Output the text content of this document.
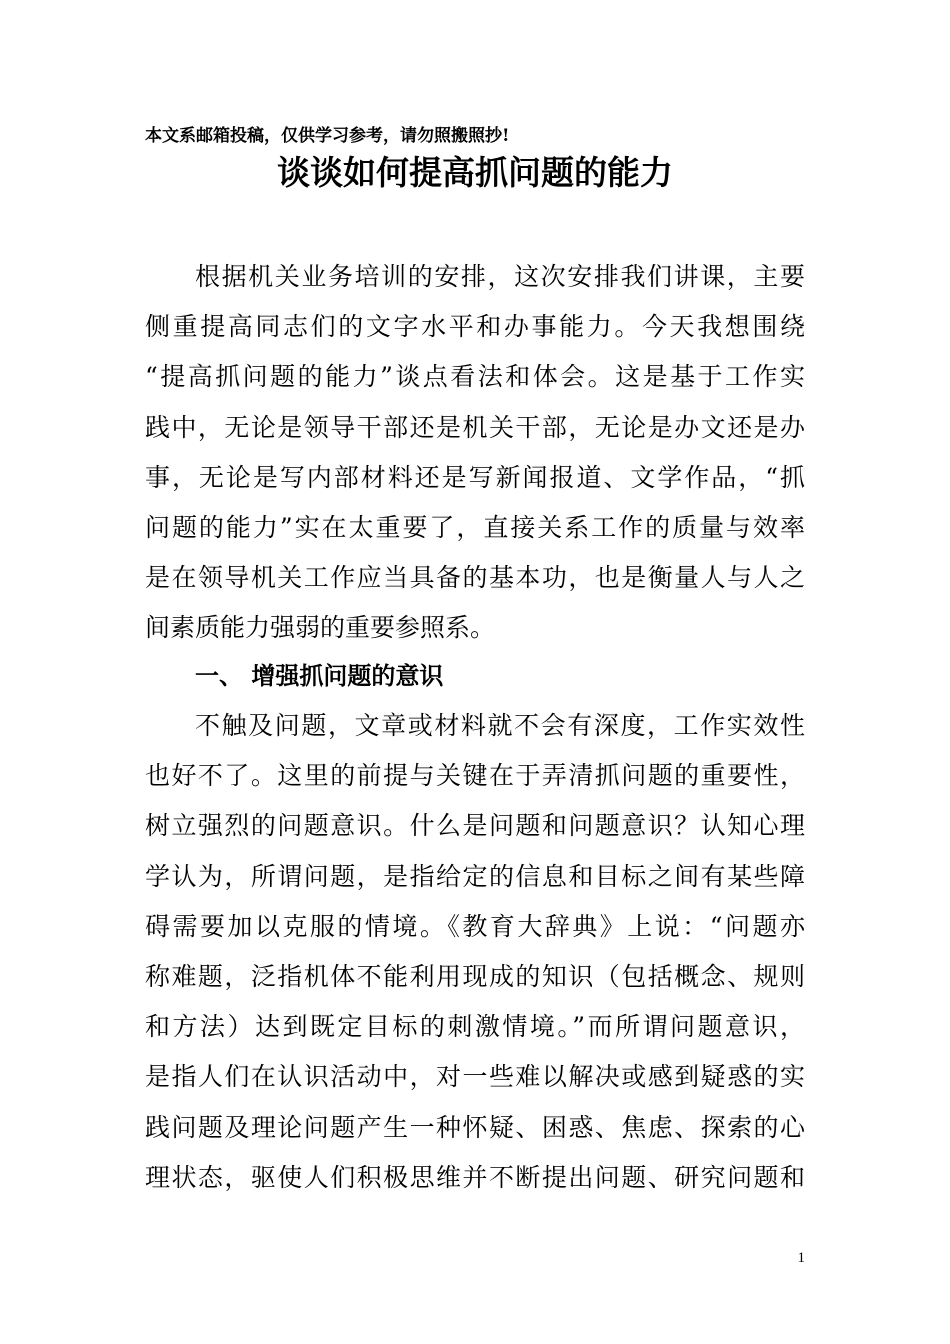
本文系邮箱投稿，仅供学习参考，请勿照搬照抄!
谈谈如何提高抓问题的能力
根据机关业务培训的安排，这次安排我们讲课，主要
侧重提高同志们的文字水平和办事能力。今天我想围绕
“提高抓问题的能力”谈点看法和体会。这是基于工作实
践中，无论是领导干部还是机关干部，无论是办文还是办
事，无论是写内部材料还是写新闻报道、文学作品，“抓
问题的能力”实在太重要了，直接关系工作的质量与效率
是在领导机关工作应当具备的基本功，也是衡量人与人之
间素质能力强弱的重要参照系。
一、 增强抓问题的意识
不触及问题，文章或材料就不会有深度，工作实效性
也好不了。这里的前提与关键在于弄清抓问题的重要性，
树立强烈的问题意识。什么是问题和问题意识？认知心理
学认为，所谓问题，是指给定的信息和目标之间有某些障
碍需要加以克服的情境。《教育大辞典》上说：“问题亦
称难题，泛指机体不能利用现成的知识（包括概念、规则
和方法）达到既定目标的刺激情境。”而所谓问题意识，
是指人们在认识活动中，对一些难以解决或感到疑惑的实
践问题及理论问题产生一种怀疑、困惑、焦虑、探索的心
理状态，驱使人们积极思维并不断提出问题、研究问题和
1
